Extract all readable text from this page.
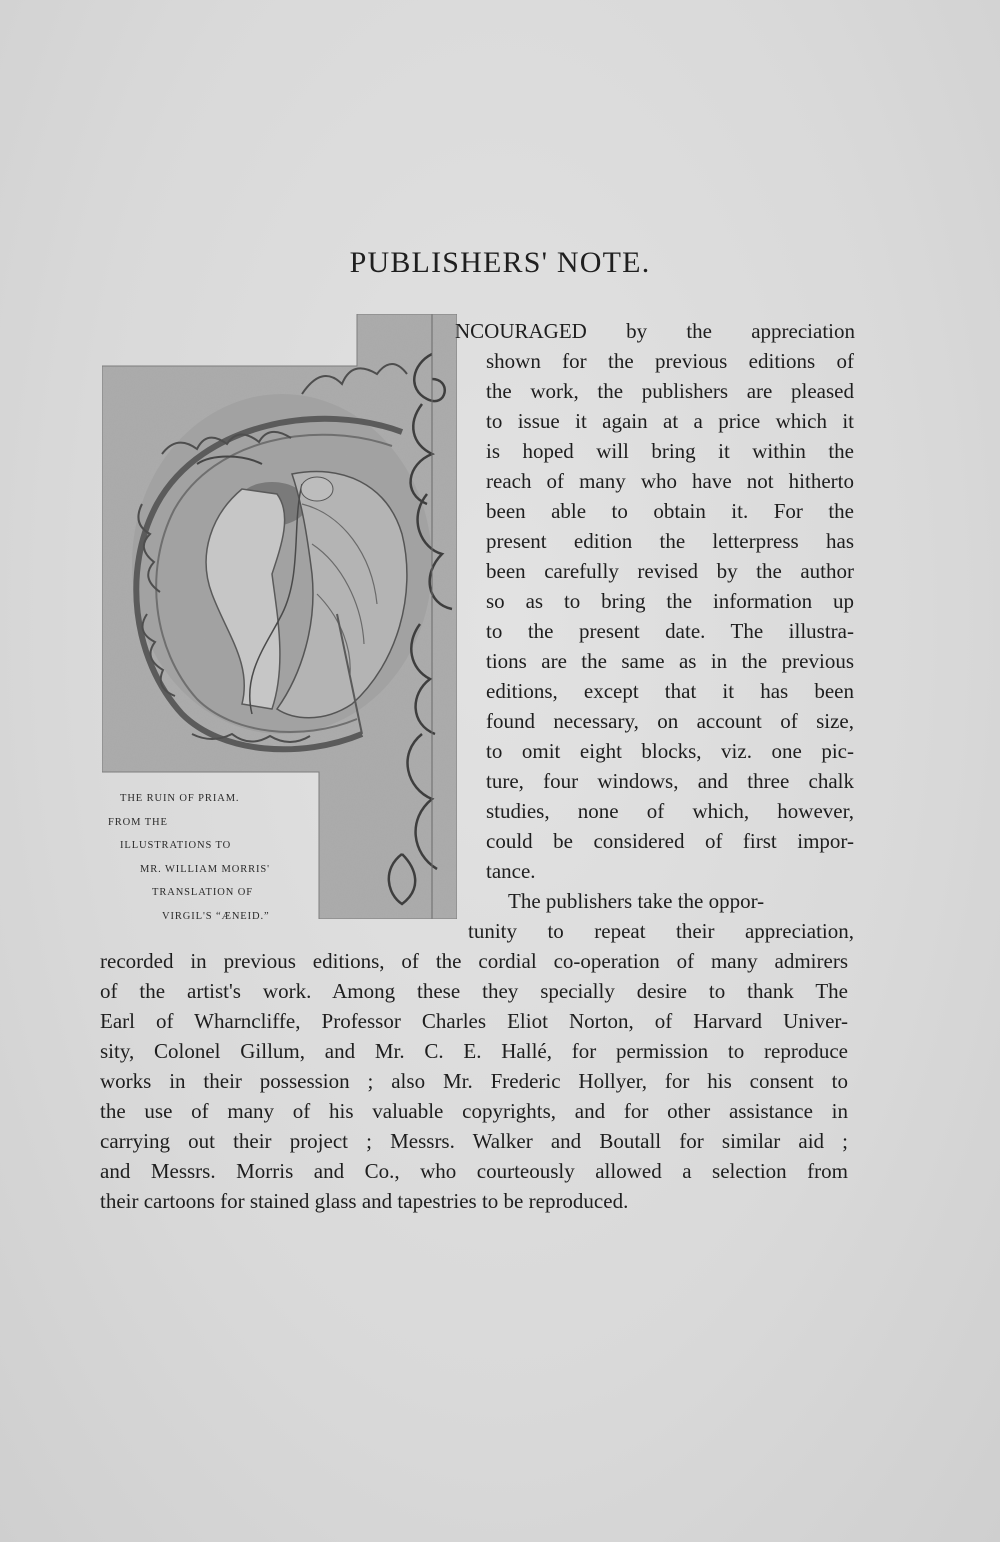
PUBLISHERS' NOTE.
THE RUIN OF PRIAM.
FROM THE
ILLUSTRATIONS TO
MR. WILLIAM MORRIS'
TRANSLATION OF
VIRGIL'S “ÆNEID.”
NCOURAGED by the appreciation
shown for the previous editions of
the work, the publishers are pleased
to issue it again at a price which it
is hoped will bring it within the
reach of many who have not hitherto
been able to obtain it. For the
present edition the letterpress has
been carefully revised by the author
so as to bring the information up
to the present date. The illustra-
tions are the same as in the previous
editions, except that it has been
found necessary, on account of size,
to omit eight blocks, viz. one pic-
ture, four windows, and three chalk
studies, none of which, however,
could be considered of first impor-
tance.
The publishers take the oppor-
tunity to repeat their appreciation,
recorded in previous editions, of the cordial co-operation of many admirers
of the artist's work. Among these they specially desire to thank The
Earl of Wharncliffe, Professor Charles Eliot Norton, of Harvard Univer-
sity, Colonel Gillum, and Mr. C. E. Hallé, for permission to reproduce
works in their possession ; also Mr. Frederic Hollyer, for his consent to
the use of many of his valuable copyrights, and for other assistance in
carrying out their project ; Messrs. Walker and Boutall for similar aid ;
and Messrs. Morris and Co., who courteously allowed a selection from
their cartoons for stained glass and tapestries to be reproduced.
